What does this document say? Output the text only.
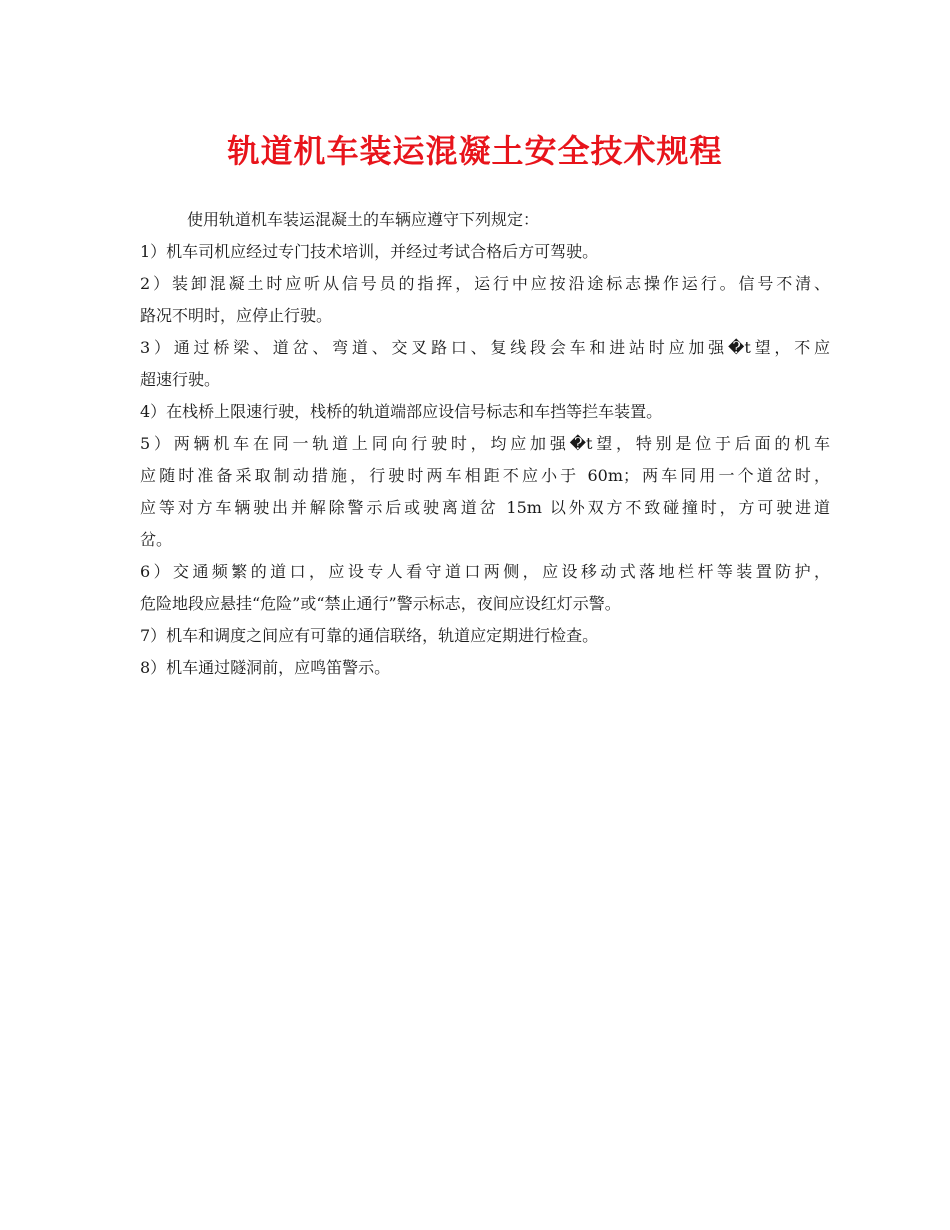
轨道机车装运混凝土安全技术规程
使用轨道机车装运混凝土的车辆应遵守下列规定：
1）机车司机应经过专门技术培训，并经过考试合格后方可驾驶。
2）装卸混凝土时应听从信号员的指挥，运行中应按沿途标志操作运行。信号不清、
路况不明时，应停止行驶。
3）通过桥梁、道岔、弯道、交叉路口、复线段会车和进站时应加强�t望，不应
超速行驶。
4）在栈桥上限速行驶，栈桥的轨道端部应设信号标志和车挡等拦车装置。
5）两辆机车在同一轨道上同向行驶时，均应加强�t望，特别是位于后面的机车
应随时准备采取制动措施，行驶时两车相距不应小于 60m；两车同用一个道岔时，
应等对方车辆驶出并解除警示后或驶离道岔 15m 以外双方不致碰撞时，方可驶进道
岔。
6）交通频繁的道口，应设专人看守道口两侧，应设移动式落地栏杆等装置防护，
危险地段应悬挂“危险”或“禁止通行”警示标志，夜间应设红灯示警。
7）机车和调度之间应有可靠的通信联络，轨道应定期进行检查。
8）机车通过隧洞前，应鸣笛警示。
